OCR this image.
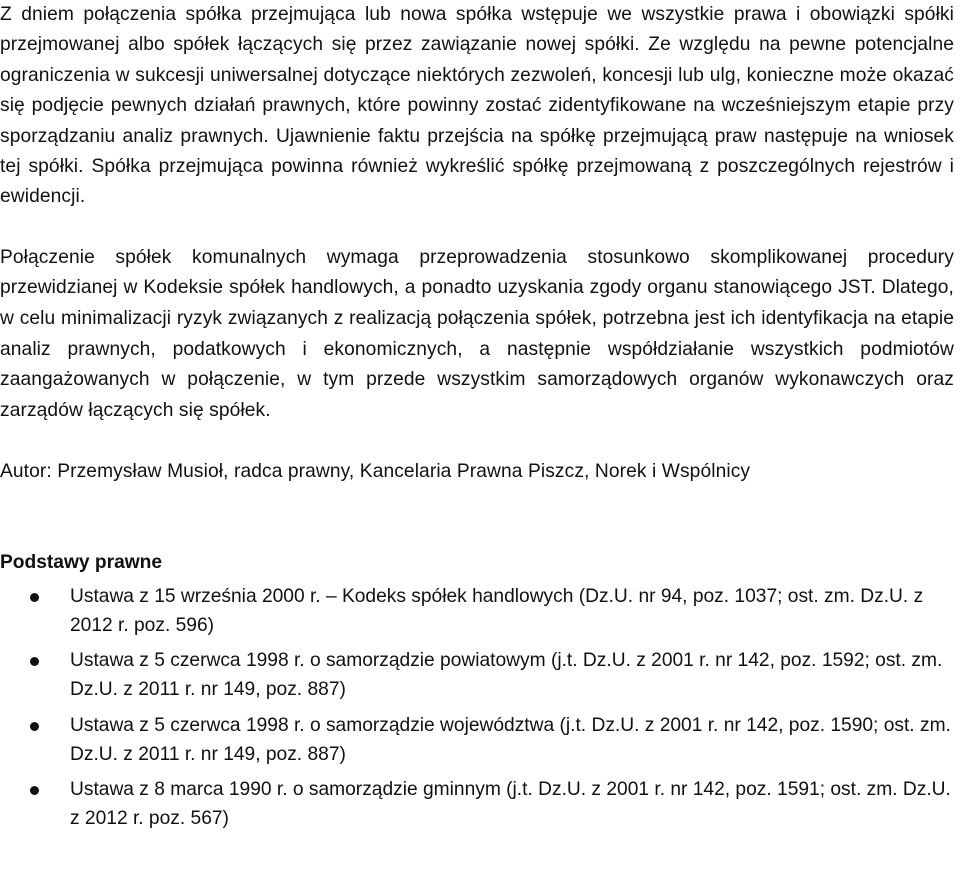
Z dniem połączenia spółka przejmująca lub nowa spółka wstępuje we wszystkie prawa i obowiązki spółki przejmowanej albo spółek łączących się przez zawiązanie nowej spółki. Ze względu na pewne potencjalne ograniczenia w sukcesji uniwersalnej dotyczące niektórych zezwoleń, koncesji lub ulg, konieczne może okazać się podjęcie pewnych działań prawnych, które powinny zostać zidentyfikowane na wcześniejszym etapie przy sporządzaniu analiz prawnych. Ujawnienie faktu przejścia na spółkę przejmującą praw następuje na wniosek tej spółki. Spółka przejmująca powinna również wykreślić spółkę przejmowaną z poszczególnych rejestrów i ewidencji.

Połączenie spółek komunalnych wymaga przeprowadzenia stosunkowo skomplikowanej procedury przewidzianej w Kodeksie spółek handlowych, a ponadto uzyskania zgody organu stanowiącego JST. Dlatego, w celu minimalizacji ryzyk związanych z realizacją połączenia spółek, potrzebna jest ich identyfikacja na etapie analiz prawnych, podatkowych i ekonomicznych, a następnie współdziałanie wszystkich podmiotów zaangażowanych w połączenie, w tym przede wszystkim samorządowych organów wykonawczych oraz zarządów łączących się spółek.

Autor: Przemysław Musioł, radca prawny, Kancelaria Prawna Piszcz, Norek i Wspólnicy

Podstawy prawne
Ustawa z 15 września 2000 r. – Kodeks spółek handlowych (Dz.U. nr 94, poz. 1037; ost. zm. Dz.U. z 2012 r. poz. 596)
Ustawa z 5 czerwca 1998 r. o samorządzie powiatowym (j.t. Dz.U. z 2001 r. nr 142, poz. 1592; ost. zm. Dz.U. z 2011 r. nr 149, poz. 887)
Ustawa z 5 czerwca 1998 r. o samorządzie województwa (j.t. Dz.U. z 2001 r. nr 142, poz. 1590; ost. zm. Dz.U. z 2011 r. nr 149, poz. 887)
Ustawa z 8 marca 1990 r. o samorządzie gminnym (j.t. Dz.U. z 2001 r. nr 142, poz. 1591; ost. zm. Dz.U. z 2012 r. poz. 567)
